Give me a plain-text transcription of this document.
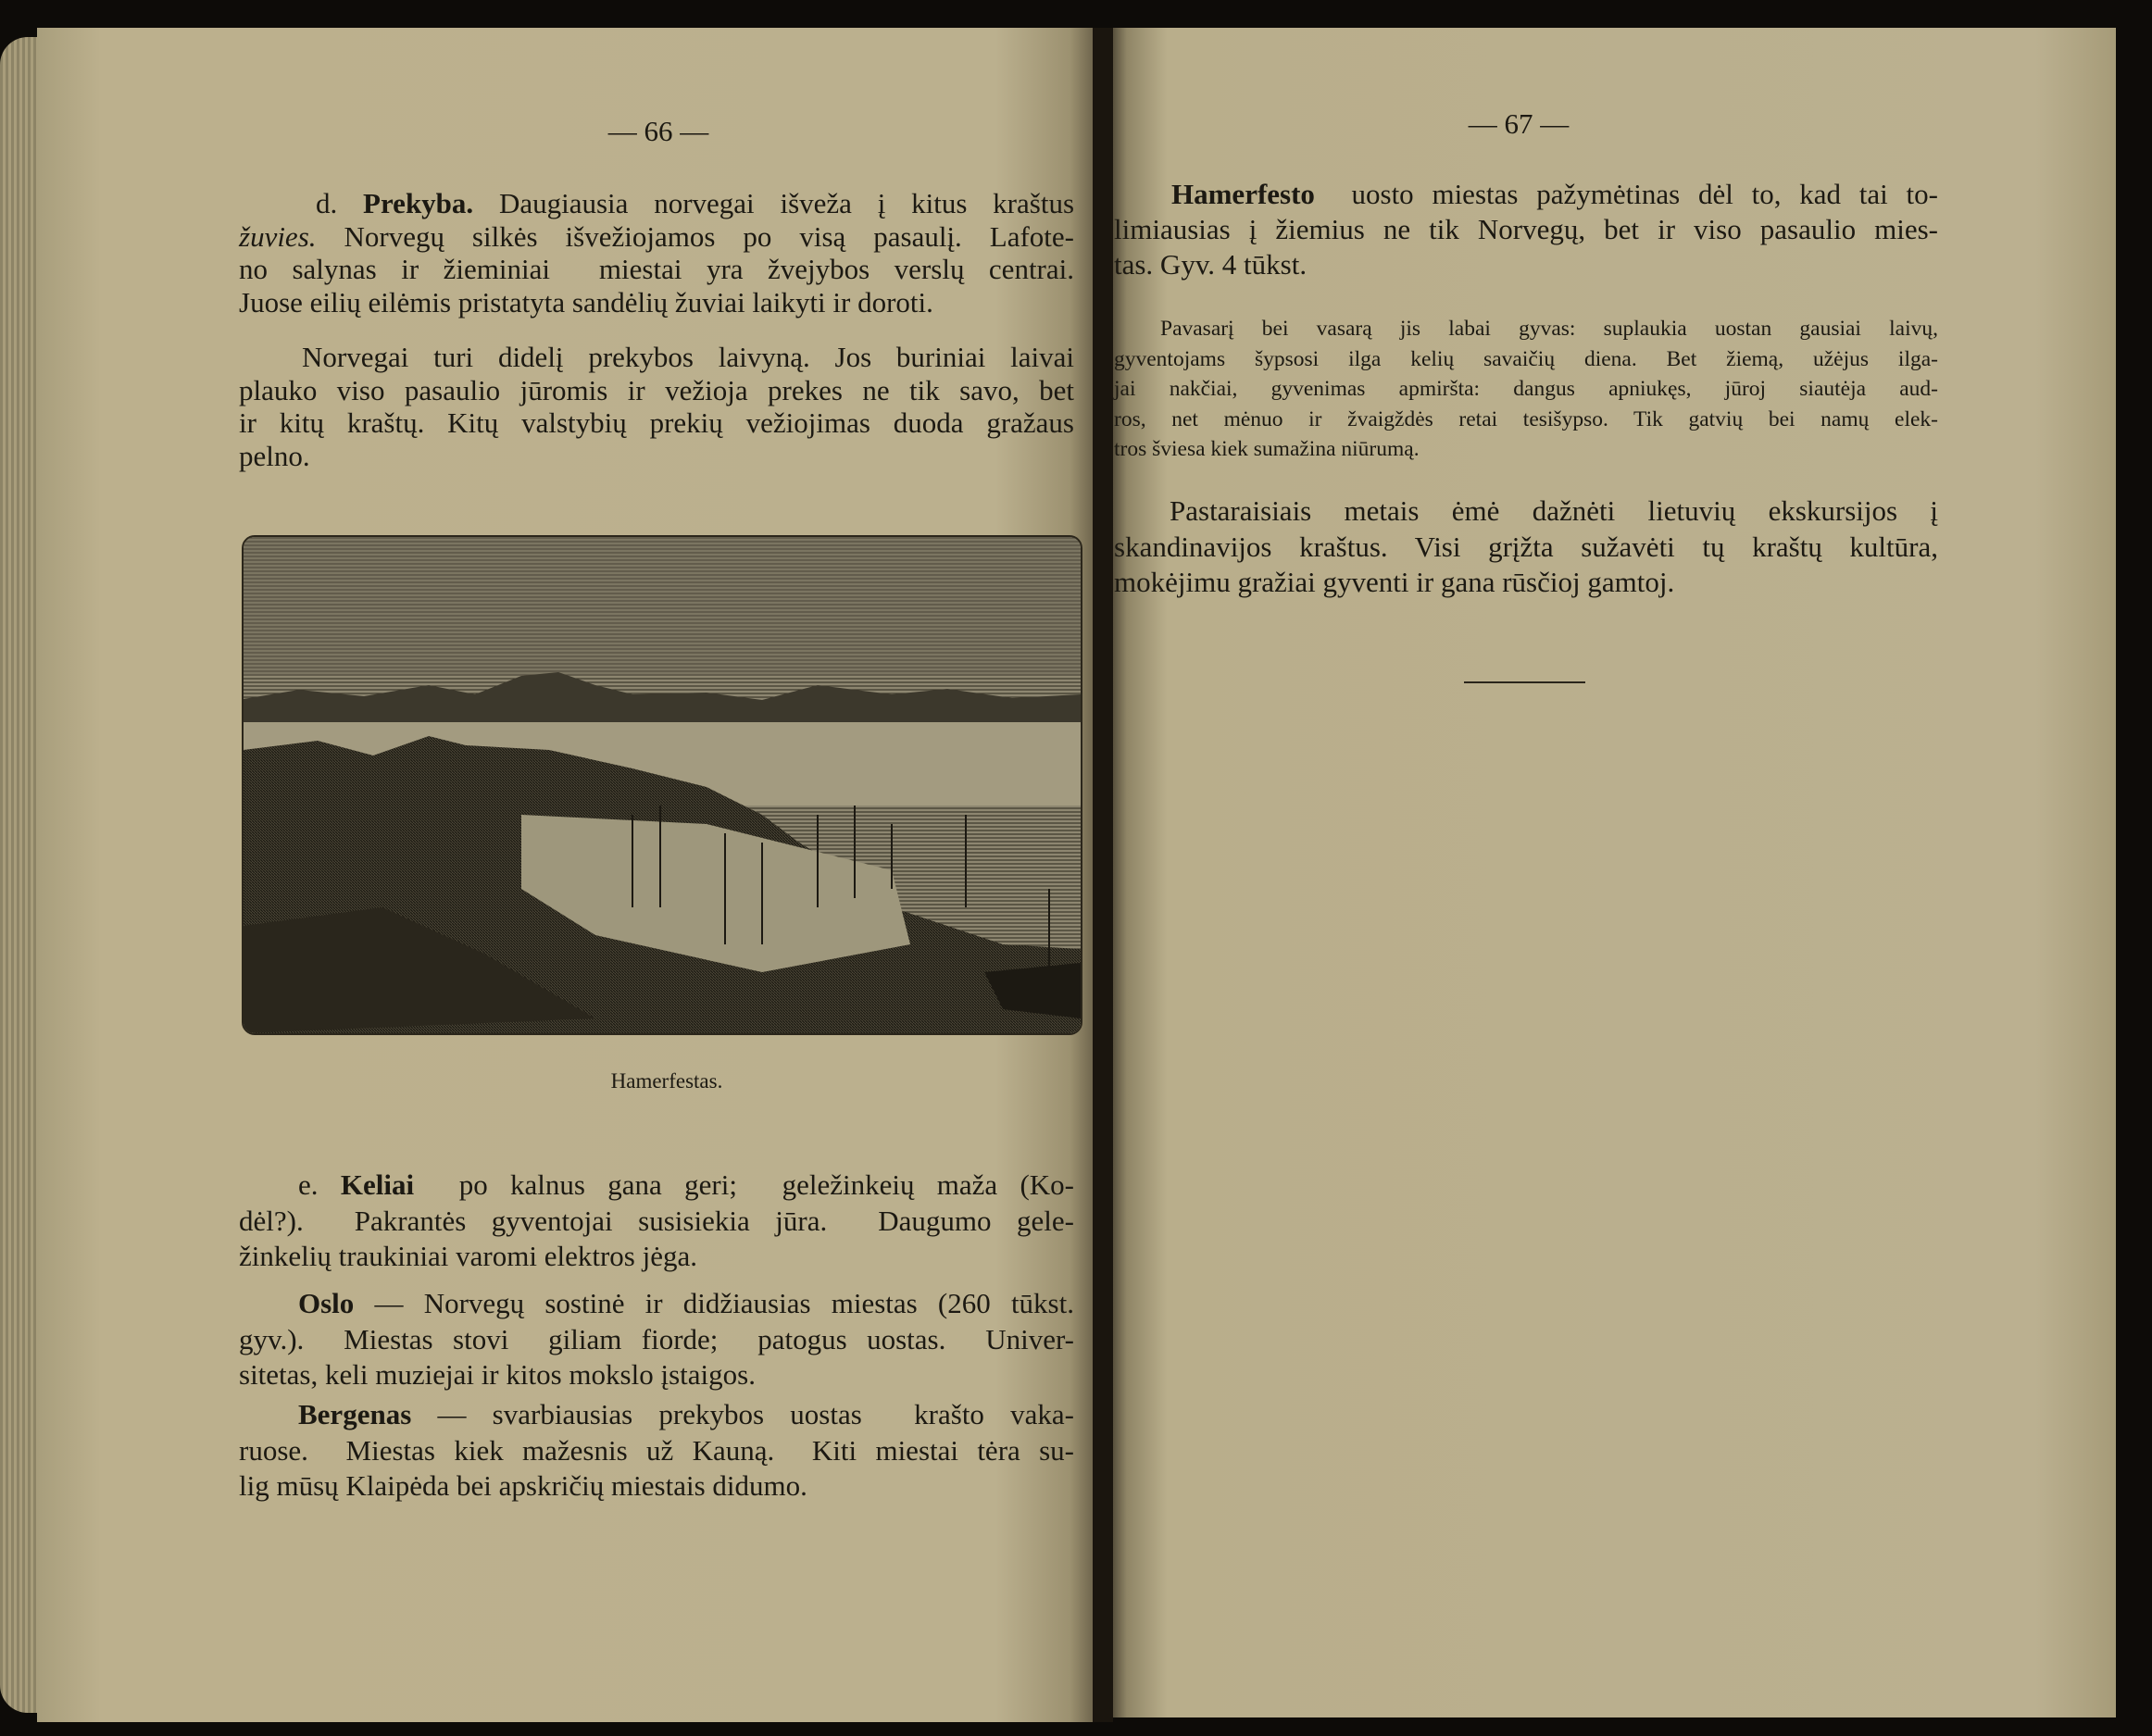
— 66 —	— 67 —
Hamerfestas.
d. Prekyba. Daugiausia norvegai išveža į kitus kraštus
žuvies. Norvegų silkės išvežiojamos po visą pasaulį. Lafote-
no salynas ir žieminiai  miestai yra žvejybos verslų centrai.
Juose eilių eilėmis pristatyta sandėlių žuviai laikyti ir doroti.
Norvegai turi didelį prekybos laivyną. Jos buriniai laivai
plauko viso pasaulio jūromis ir vežioja prekes ne tik savo, bet
ir kitų kraštų. Kitų valstybių prekių vežiojimas duoda gražaus
pelno.
e. Keliai  po kalnus gana geri;  geležinkeių maža (Ko-
dėl?).  Pakrantės gyventojai susisiekia jūra.  Daugumo gele-
žinkelių traukiniai varomi elektros jėga.
Oslo — Norvegų sostinė ir didžiausias miestas (260 tūkst.
gyv.).  Miestas stovi  giliam fiorde;  patogus uostas.  Univer-
sitetas, keli muziejai ir kitos mokslo įstaigos.
Bergenas — svarbiausias prekybos uostas  krašto vaka-
ruose.  Miestas kiek mažesnis už Kauną.  Kiti miestai tėra su-
lig mūsų Klaipėda bei apskričių miestais didumo.
Hamerfesto  uosto miestas pažymėtinas dėl to, kad tai to-
limiausias į žiemius ne tik Norvegų, bet ir viso pasaulio mies-
tas. Gyv. 4 tūkst.
Pavasarį bei vasarą jis labai gyvas: suplaukia uostan gausiai laivų,
gyventojams šypsosi ilga kelių savaičių diena. Bet žiemą, užėjus ilga-
jai nakčiai, gyvenimas apmiršta: dangus apniukęs, jūroj siautėja aud-
ros, net mėnuo ir žvaigždės retai tesišypso. Tik gatvių bei namų elek-
tros šviesa kiek sumažina niūrumą.
Pastaraisiais metais ėmė dažnėti lietuvių ekskursijos į
skandinavijos kraštus. Visi grįžta sužavėti tų kraštų kultūra,
mokėjimu gražiai gyventi ir gana rūsčioj gamtoj.
